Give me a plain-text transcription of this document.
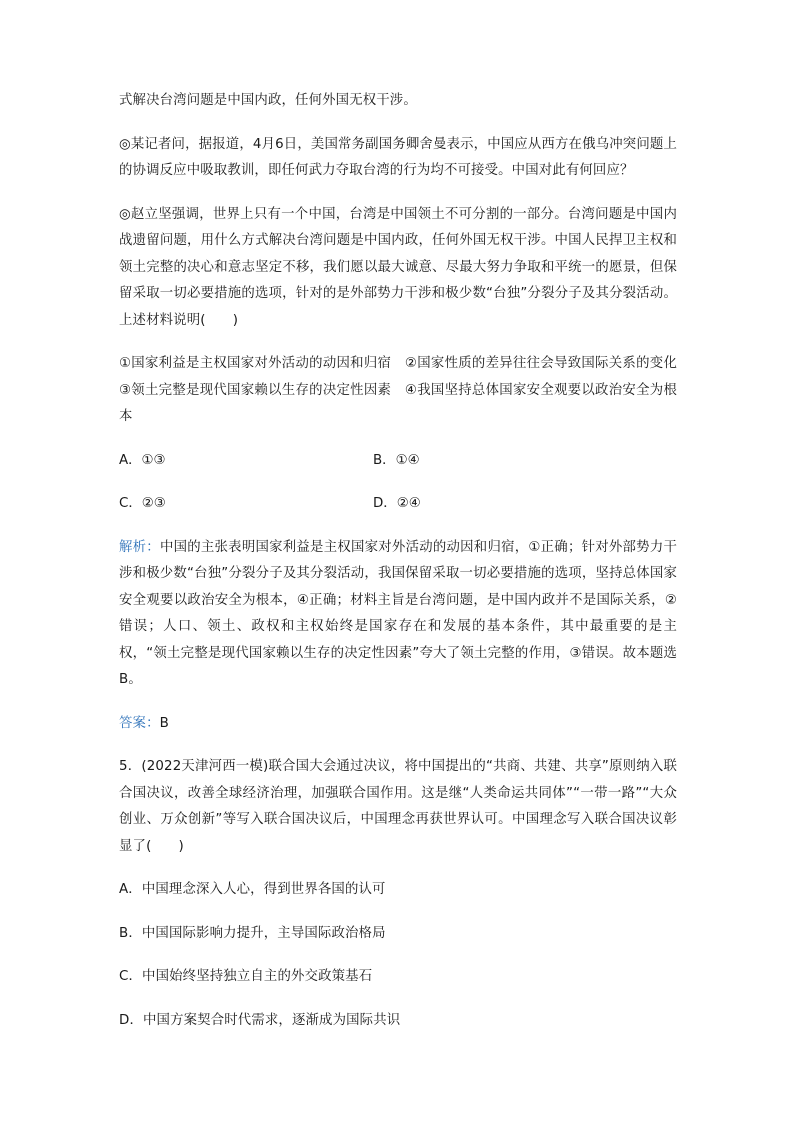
式解决台湾问题是中国内政，任何外国无权干涉。

◎某记者问，据报道，4月6日，美国常务副国务卿舍曼表示，中国应从西方在俄乌冲突问题上的协调反应中吸取教训，即任何武力夺取台湾的行为均不可接受。中国对此有何回应？

◎赵立坚强调，世界上只有一个中国，台湾是中国领土不可分割的一部分。台湾问题是中国内战遗留问题，用什么方式解决台湾问题是中国内政，任何外国无权干涉。中国人民捍卫主权和领土完整的决心和意志坚定不移，我们愿以最大诚意、尽最大努力争取和平统一的愿景，但保留采取一切必要措施的选项，针对的是外部势力干涉和极少数“台独”分裂分子及其分裂活动。上述材料说明(　　)

①国家利益是主权国家对外活动的动因和归宿　②国家性质的差异往往会导致国际关系的变化　③领土完整是现代国家赖以生存的决定性因素　④我国坚持总体国家安全观要以政治安全为根本

A．①③	B．①④
C．②③	D．②④

解析：中国的主张表明国家利益是主权国家对外活动的动因和归宿，①正确；针对外部势力干涉和极少数“台独”分裂分子及其分裂活动，我国保留采取一切必要措施的选项，坚持总体国家安全观要以政治安全为根本，④正确；材料主旨是台湾问题，是中国内政并不是国际关系，②错误；人口、领土、政权和主权始终是国家存在和发展的基本条件，其中最重要的是主权，“领土完整是现代国家赖以生存的决定性因素”夸大了领土完整的作用，③错误。故本题选B。

答案：B

5．(2022天津河西一模)联合国大会通过决议，将中国提出的“共商、共建、共享”原则纳入联合国决议，改善全球经济治理，加强联合国作用。这是继“人类命运共同体”“一带一路”“大众创业、万众创新”等写入联合国决议后，中国理念再获世界认可。中国理念写入联合国决议彰显了(　　)

A．中国理念深入人心，得到世界各国的认可

B．中国国际影响力提升，主导国际政治格局

C．中国始终坚持独立自主的外交政策基石

D．中国方案契合时代需求，逐渐成为国际共识
